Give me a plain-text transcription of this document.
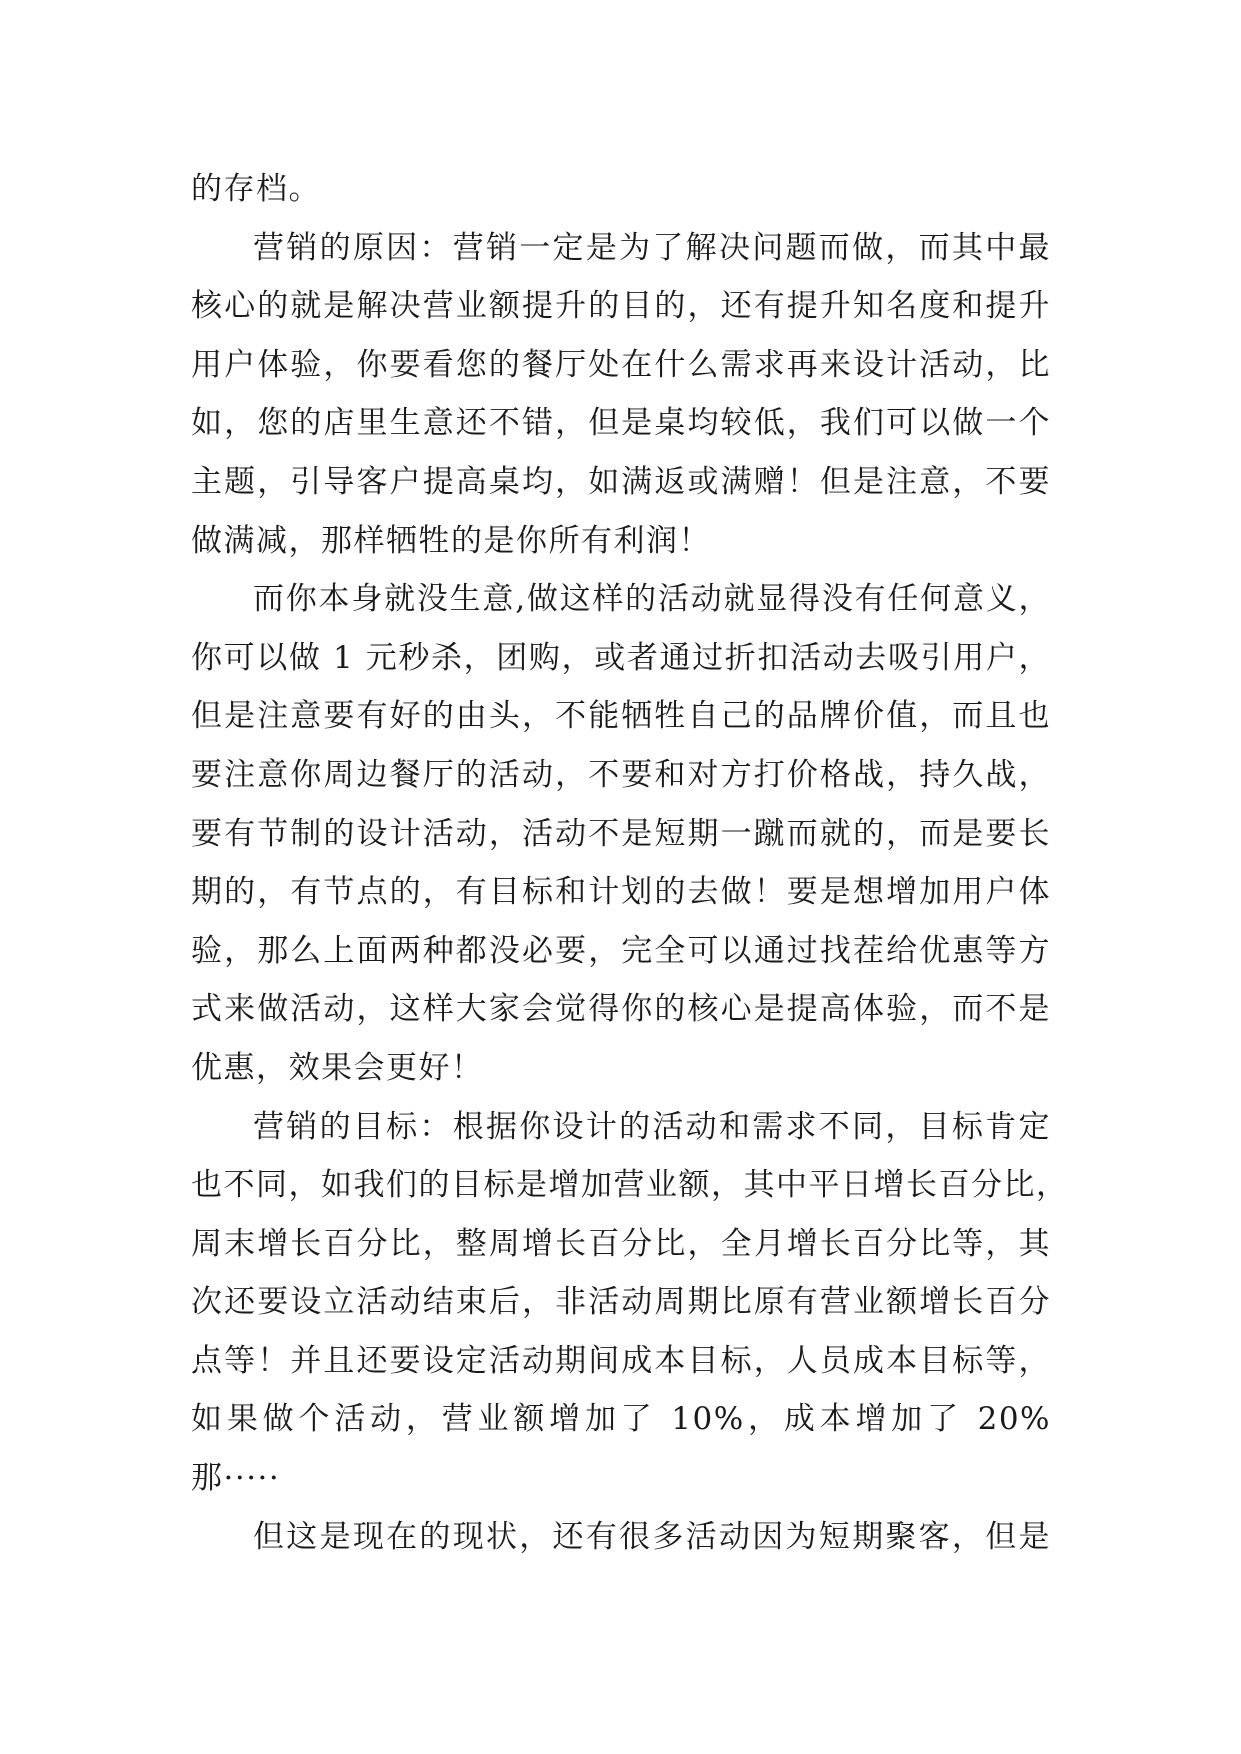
的存档。
营销的原因：营销一定是为了解决问题而做，而其中最
核心的就是解决营业额提升的目的，还有提升知名度和提升
用户体验，你要看您的餐厅处在什么需求再来设计活动，比
如，您的店里生意还不错，但是桌均较低，我们可以做一个
主题，引导客户提高桌均，如满返或满赠！但是注意，不要
做满减，那样牺牲的是你所有利润！
而你本身就没生意,做这样的活动就显得没有任何意义，
你可以做 1 元秒杀，团购，或者通过折扣活动去吸引用户，
但是注意要有好的由头，不能牺牲自己的品牌价值，而且也
要注意你周边餐厅的活动，不要和对方打价格战，持久战，
要有节制的设计活动，活动不是短期一蹴而就的，而是要长
期的，有节点的，有目标和计划的去做！要是想增加用户体
验，那么上面两种都没必要，完全可以通过找茬给优惠等方
式来做活动，这样大家会觉得你的核心是提高体验，而不是
优惠，效果会更好！
营销的目标：根据你设计的活动和需求不同，目标肯定
也不同，如我们的目标是增加营业额，其中平日增长百分比，
周末增长百分比，整周增长百分比，全月增长百分比等，其
次还要设立活动结束后，非活动周期比原有营业额增长百分
点等！并且还要设定活动期间成本目标，人员成本目标等，
如果做个活动，营业额增加了 10%，成本增加了 20%
那·····
但这是现在的现状，还有很多活动因为短期聚客，但是
